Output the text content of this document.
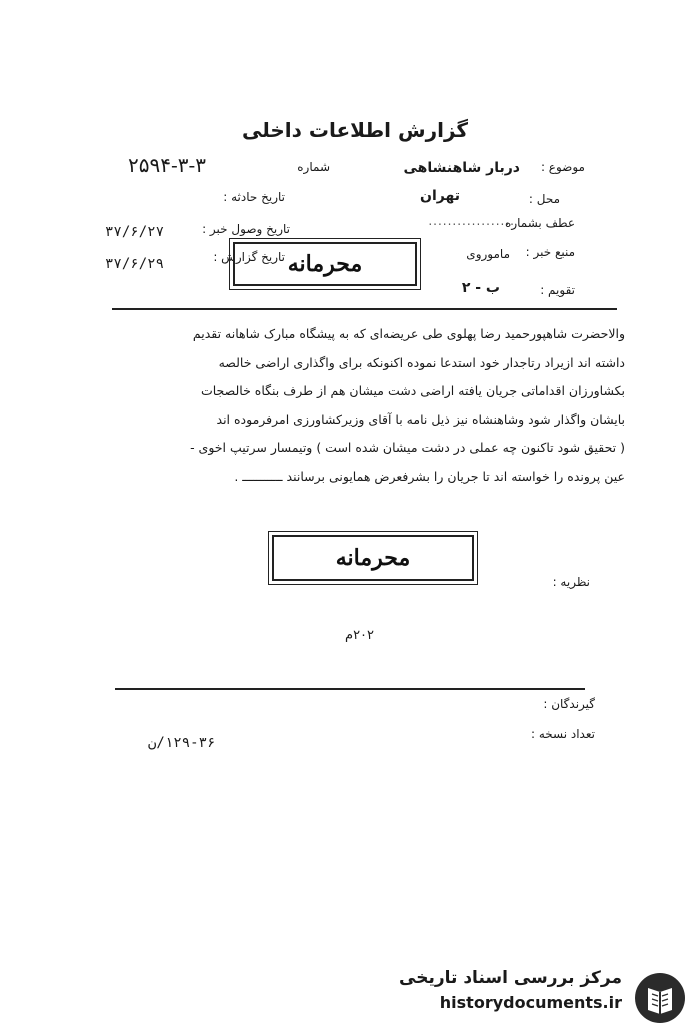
گزارش اطلاعات داخلی
موضوع :
دربار شاهنشاهی
شماره
۲۵۹۴-۳-۳
محل :
تهران
تاریخ حادثه :
عطف بشماره
..................
تاریخ وصول خبر :
۳۷/۶/۲۷
منبع خبر :
ماموروی
تاریخ گزارش :
۳۷/۶/۲۹
تقویم :
ب - ۲
محرمانه

والاحضرت شاهپورحمید رضا پهلوی طی عریضه‌ای که به پیشگاه مبارک شاهانه تقدیم

داشته اند ازیراد رتاجدار خود استدعا نموده اکنونکه برای واگذاری اراضی خالصه

بکشاورزان اقداماتی جریان یافته اراضی دشت میشان هم از طرف بنگاه خالصجات

بایشان واگذار شود وشاهنشاه نیز ذیل نامه با آقای وزیرکشاورزی امرفرموده اند

( تحقیق شود تاکنون چه عملی در دشت میشان شده است ) وتیمسار سرتیپ اخوی -

عین پرونده را خواسته اند تا جریان را بشرفعرض همایونی برسانند ـــــــــــ .

محرمانه
نظریه :
۲۰۲م
گیرندگان :
تعداد نسخه :
۱۲۹-۳۶/ن
مرکز بررسی اسناد تاریخی
historydocuments.ir
